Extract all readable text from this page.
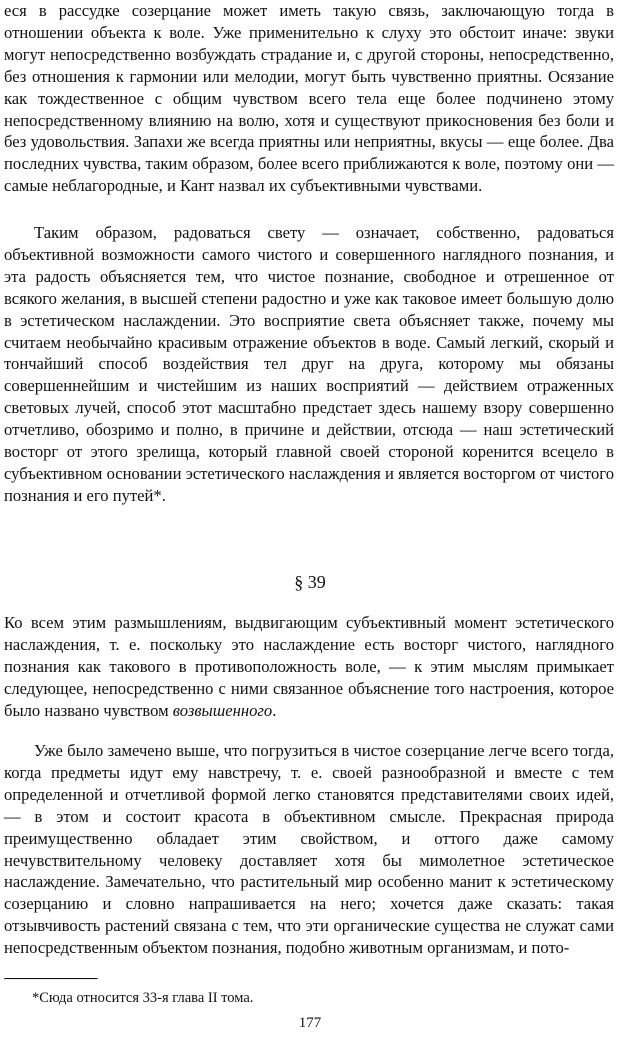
еся в рассудке созерцание может иметь такую связь, заключающую тогда в отношении объекта к воле. Уже применительно к слуху это обстоит иначе: звуки могут непосредственно возбуждать страдание и, с другой стороны, непосредственно, без отношения к гармонии или мелодии, могут быть чувственно приятны. Осязание как тождественное с общим чувством всего тела еще более подчинено этому непосредственному влиянию на волю, хотя и существуют прикосновения без боли и без удовольствия. Запахи же всегда приятны или неприятны, вкусы — еще более. Два последних чувства, таким образом, более всего приближаются к воле, поэтому они — самые неблагородные, и Кант назвал их субъективными чувствами.

Таким образом, радоваться свету — означает, собственно, радоваться объективной возможности самого чистого и совершенного наглядного познания, и эта радость объясняется тем, что чистое познание, свободное и отрешенное от всякого желания, в высшей степени радостно и уже как таковое имеет большую долю в эстетическом наслаждении. Это восприятие света объясняет также, почему мы считаем необычайно красивым отражение объектов в воде. Самый легкий, скорый и тончайший способ воздействия тел друг на друга, которому мы обязаны совершеннейшим и чистейшим из наших восприятий — действием отраженных световых лучей, способ этот масштабно предстает здесь нашему взору совершенно отчетливо, обозримо и полно, в причине и действии, отсюда — наш эстетический восторг от этого зрелища, который главной своей стороной коренится всецело в субъективном основании эстетического наслаждения и является восторгом от чистого познания и его путей*.

§ 39

Ко всем этим размышлениям, выдвигающим субъективный момент эстетического наслаждения, т. е. поскольку это наслаждение есть восторг чистого, наглядного познания как такового в противоположность воле, — к этим мыслям примыкает следующее, непосредственно с ними связанное объяснение того настроения, которое было названо чувством возвышенного.

Уже было замечено выше, что погрузиться в чистое созерцание легче всего тогда, когда предметы идут ему навстречу, т. е. своей разнообразной и вместе с тем определенной и отчетливой формой легко становятся представителями своих идей, — в этом и состоит красота в объективном смысле. Прекрасная природа преимущественно обладает этим свойством, и оттого даже самому нечувствительному человеку доставляет хотя бы мимолетное эстетическое наслаждение. Замечательно, что растительный мир особенно манит к эстетическому созерцанию и словно напрашивается на него; хочется даже сказать: такая отзывчивость растений связана с тем, что эти органические существа не служат сами непосредственным объектом познания, подобно животным организмам, и пото-

*Сюда относится 33-я глава II тома.

177
